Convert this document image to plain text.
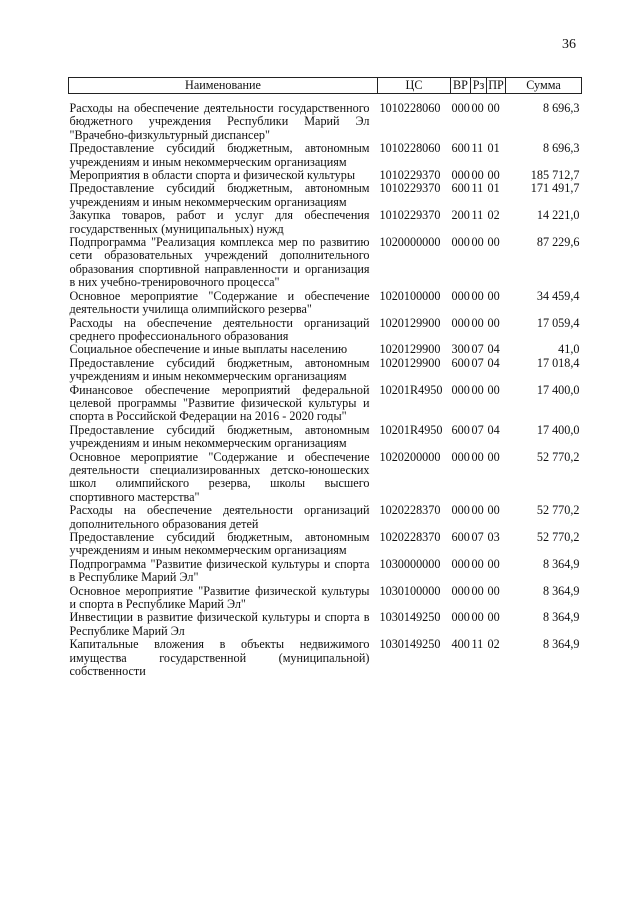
36
Наименование	ЦС	ВР	Рз	ПР	Сумма
Расходы на обеспечение деятельности государственного бюджетного учреждения Республики Марий Эл "Врачебно-физкультурный диспансер"	1010228060	000	00	00	8 696,3
Предоставление субсидий бюджетным, автономным учреждениям и иным некоммерческим организациям	1010228060	600	11	01	8 696,3
Мероприятия в области спорта и физической культуры	1010229370	000	00	00	185 712,7
Предоставление субсидий бюджетным, автономным учреждениям и иным некоммерческим организациям	1010229370	600	11	01	171 491,7
Закупка товаров, работ и услуг для обеспечения государственных (муниципальных) нужд	1010229370	200	11	02	14 221,0
Подпрограмма "Реализация комплекса мер по развитию сети образовательных учреждений дополнительного образования спортивной направленности и организация в них учебно-тренировочного процесса"	1020000000	000	00	00	87 229,6
Основное мероприятие "Содержание и обеспечение деятельности училища олимпийского резерва"	1020100000	000	00	00	34 459,4
Расходы на обеспечение деятельности организаций среднего профессионального образования	1020129900	000	00	00	17 059,4
Социальное обеспечение и иные выплаты населению	1020129900	300	07	04	41,0
Предоставление субсидий бюджетным, автономным учреждениям и иным некоммерческим организациям	1020129900	600	07	04	17 018,4
Финансовое обеспечение мероприятий федеральной целевой программы "Развитие физической культуры и спорта в Российской Федерации на 2016 - 2020 годы"	10201R4950	000	00	00	17 400,0
Предоставление субсидий бюджетным, автономным учреждениям и иным некоммерческим организациям	10201R4950	600	07	04	17 400,0
Основное мероприятие "Содержание и обеспечение деятельности специализированных детско-юношеских школ олимпийского резерва, школы высшего спортивного мастерства"	1020200000	000	00	00	52 770,2
Расходы на обеспечение деятельности организаций дополнительного образования детей	1020228370	000	00	00	52 770,2
Предоставление субсидий бюджетным, автономным учреждениям и иным некоммерческим организациям	1020228370	600	07	03	52 770,2
Подпрограмма "Развитие физической культуры и спорта в Республике Марий Эл"	1030000000	000	00	00	8 364,9
Основное мероприятие "Развитие физической культуры и спорта в Республике Марий Эл"	1030100000	000	00	00	8 364,9
Инвестиции в развитие физической культуры и спорта в Республике Марий Эл	1030149250	000	00	00	8 364,9
Капитальные вложения в объекты недвижимого имущества государственной (муниципальной) собственности	1030149250	400	11	02	8 364,9
